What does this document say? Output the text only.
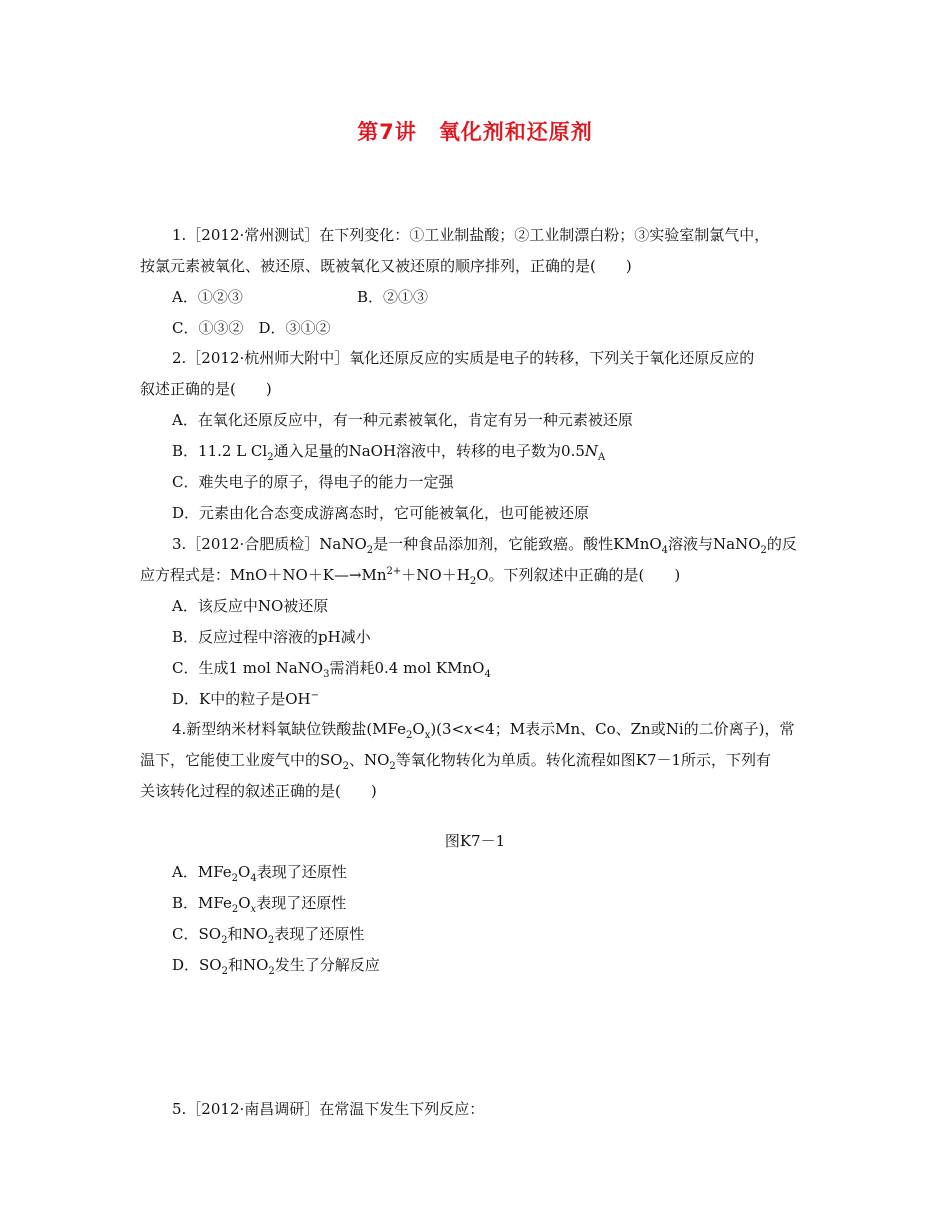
第7讲 氧化剂和还原剂
1.［2012·常州测试］在下列变化：①工业制盐酸；②工业制漂白粉；③实验室制氯气中，
按氯元素被氧化、被还原、既被氧化又被还原的顺序排列，正确的是(　　)
A．①②③	B．②①③
C．①③②　D．③①②
2.［2012·杭州师大附中］氧化还原反应的实质是电子的转移，下列关于氧化还原反应的
叙述正确的是(　　)
A．在氧化还原反应中，有一种元素被氧化，肯定有另一种元素被还原
B．11.2 L $Cl_2$通入足量的NaOH溶液中，转移的电子数为$0.5N_A$
C．难失电子的原子，得电子的能力一定强
D．元素由化合态变成游离态时，它可能被氧化，也可能被还原
3.［2012·合肥质检］NaNO$_2$是一种食品添加剂，它能致癌。酸性KMnO$_4$溶液与NaNO$_2$的反
应方程式是：$MnO+NO+K—\to Mn^{2+}+NO+H_2O$。下列叙述中正确的是(　　)
A．该反应中NO被还原
B．反应过程中溶液的pH减小
C．生成1 mol NaNO$_3$需消耗0.4 mol KMnO$_4$
D．K中的粒子是OH−
4.新型纳米材料氧缺位铁酸盐$(MFe_2O_x)(3<x<4$；M表示Mn、Co、Zn或Ni的二价离子)，常
温下，它能使工业废气中的$SO_2$、$NO_2$等氧化物转化为单质。转化流程如图K7－1所示，下列有
关该转化过程的叙述正确的是(　　)
图K7－1
A．$MFe_2O_4$表现了还原性
B．$MFe_2O_x$表现了还原性
C．$SO_2$和$NO_2$表现了还原性
D．$SO_2$和$NO_2$发生了分解反应
5.［2012·南昌调研］在常温下发生下列反应：
